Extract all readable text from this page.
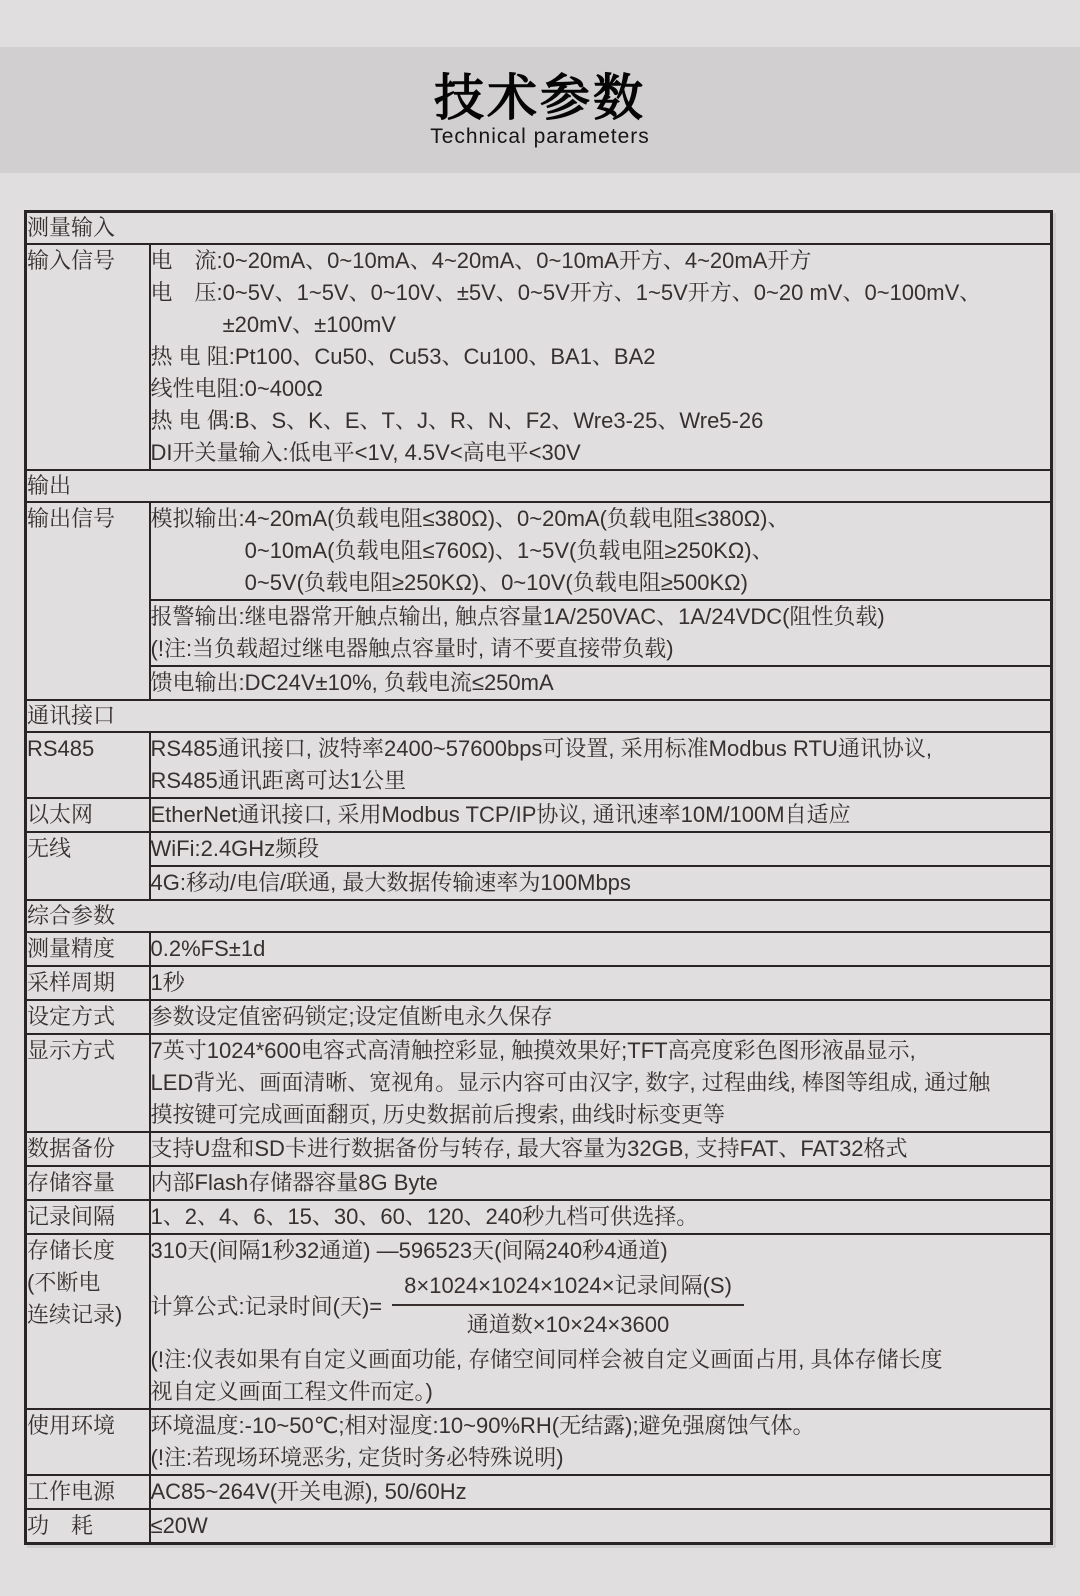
技术参数
Technical parameters
测量输入	

输入信号	电　流:0~20mA、0~10mA、4~20mA、0~10mA开方、4~20mA开方
电　压:0~5V、1~5V、0~10V、±5V、0~5V开方、1~5V开方、0~20 mV、0~100mV、
　　　 ±20mV、±100mV
热 电 阻:Pt100、Cu50、Cu53、Cu100、BA1、BA2
线性电阻:0~400Ω
热 电 偶:B、S、K、E、T、J、R、N、F2、Wre3-25、Wre5-26
DI开关量输入:低电平<1V, 4.5V<高电平<30V

输出	

输出信号	模拟输出:4~20mA(负载电阻≤380Ω)、0~20mA(负载电阻≤380Ω)、
　　　　 0~10mA(负载电阻≤760Ω)、1~5V(负载电阻≥250KΩ)、
　　　　 0~5V(负载电阻≥250KΩ)、0~10V(负载电阻≥500KΩ)

	报警输出:继电器常开触点输出, 触点容量1A/250VAC、1A/24VDC(阻性负载)
(!注:当负载超过继电器触点容量时, 请不要直接带负载)

	馈电输出:DC24V±10%, 负载电流≤250mA

通讯接口	

RS485	RS485通讯接口, 波特率2400~57600bps可设置, 采用标准Modbus RTU通讯协议,
RS485通讯距离可达1公里

以太网	EtherNet通讯接口, 采用Modbus TCP/IP协议, 通讯速率10M/100M自适应

无线	WiFi:2.4GHz频段

	4G:移动/电信/联通, 最大数据传输速率为100Mbps

综合参数	

测量精度	0.2%FS±1d

采样周期	1秒

设定方式	参数设定值密码锁定;设定值断电永久保存

显示方式	7英寸1024*600电容式高清触控彩显, 触摸效果好;TFT高亮度彩色图形液晶显示,
LED背光、画面清晰、宽视角。显示内容可由汉字, 数字, 过程曲线, 棒图等组成, 通过触
摸按键可完成画面翻页, 历史数据前后搜索, 曲线时标变更等

数据备份	支持U盘和SD卡进行数据备份与转存, 最大容量为32GB, 支持FAT、FAT32格式

存储容量	内部Flash存储器容量8G Byte

记录间隔	1、2、4、6、15、30、60、120、240秒九档可供选择。

存储长度
(不断电
连续记录)

310天(间隔1秒32通道) —596523天(间隔240秒4通道)
计算公式:记录时间(天)= $\frac{\text{8×1024×1024×1024×记录间隔(S)}}{\text{通道数×10×24×3600}}$
(!注:仪表如果有自定义画面功能, 存储空间同样会被自定义画面占用, 具体存储长度
视自定义画面工程文件而定。)

使用环境	环境温度:-10~50℃;相对湿度:10~90%RH(无结露);避免强腐蚀气体。
(!注:若现场环境恶劣, 定货时务必特殊说明)

工作电源	AC85~264V(开关电源), 50/60Hz

功　耗	≤20W
